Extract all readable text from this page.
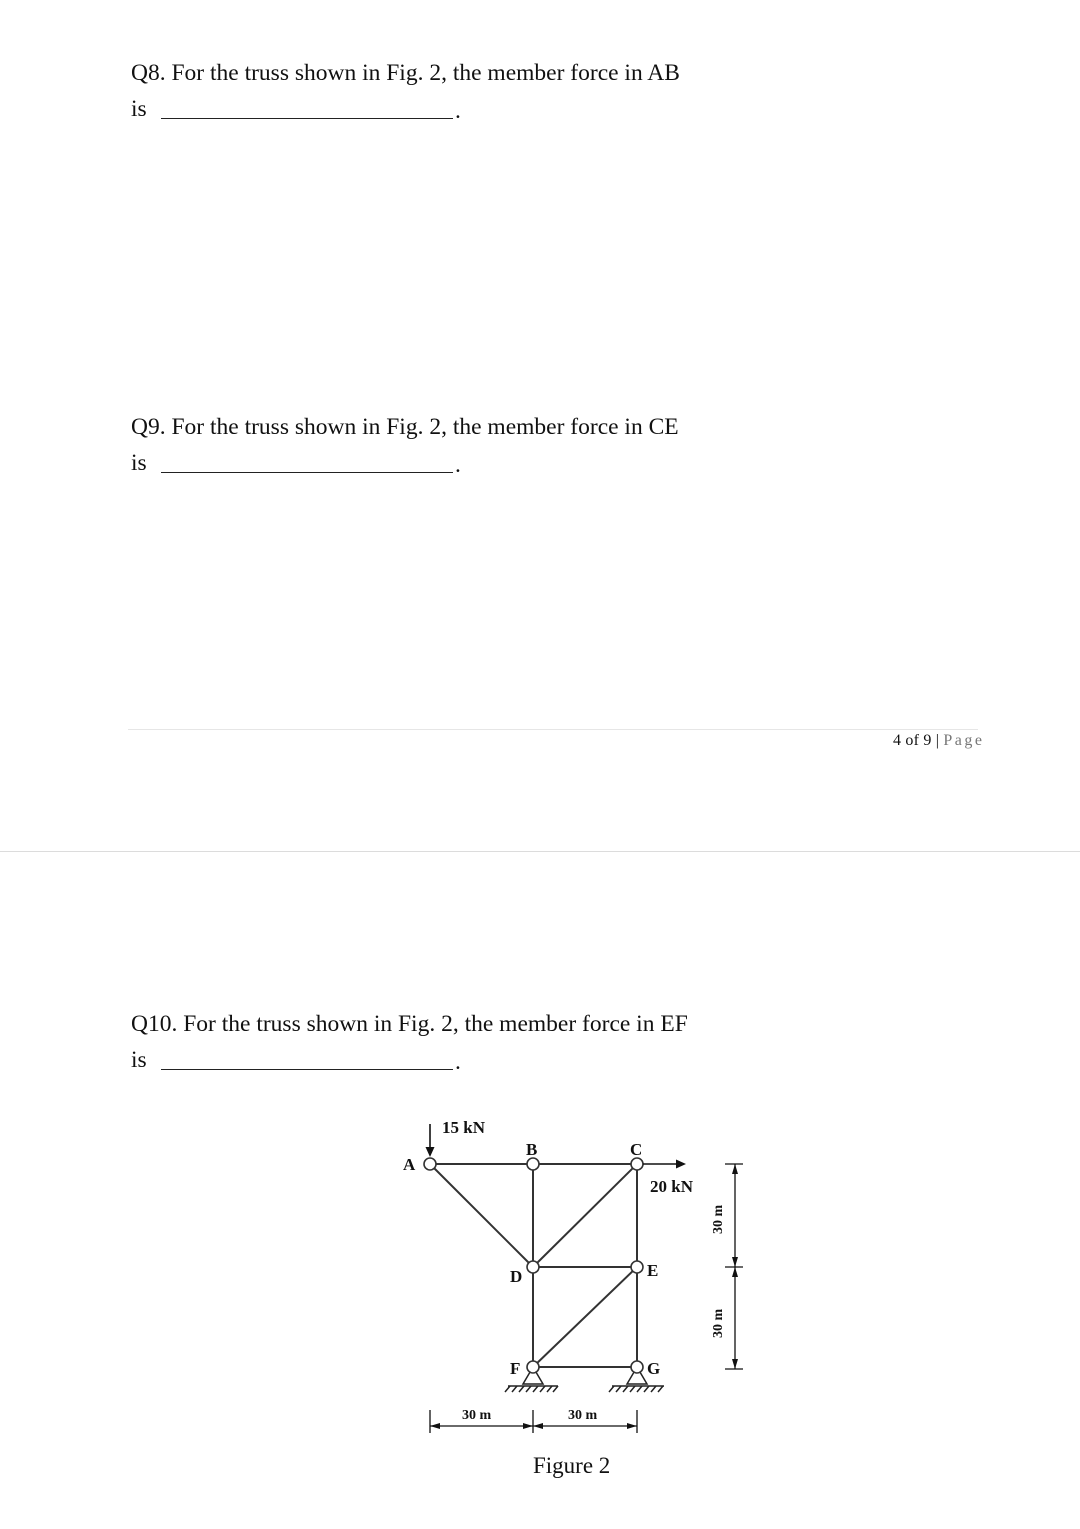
Q8. For the truss shown in Fig. 2, the member force in AB
is	.
Q9. For the truss shown in Fig. 2, the member force in CE
is	.
4 of 9 | Page
Q10. For the truss shown in Fig. 2, the member force in EF
is	.
15 kN
20 kN
A
B	C
D	E
F	G
30 m	30 m
30 m
30 m
Figure 2
